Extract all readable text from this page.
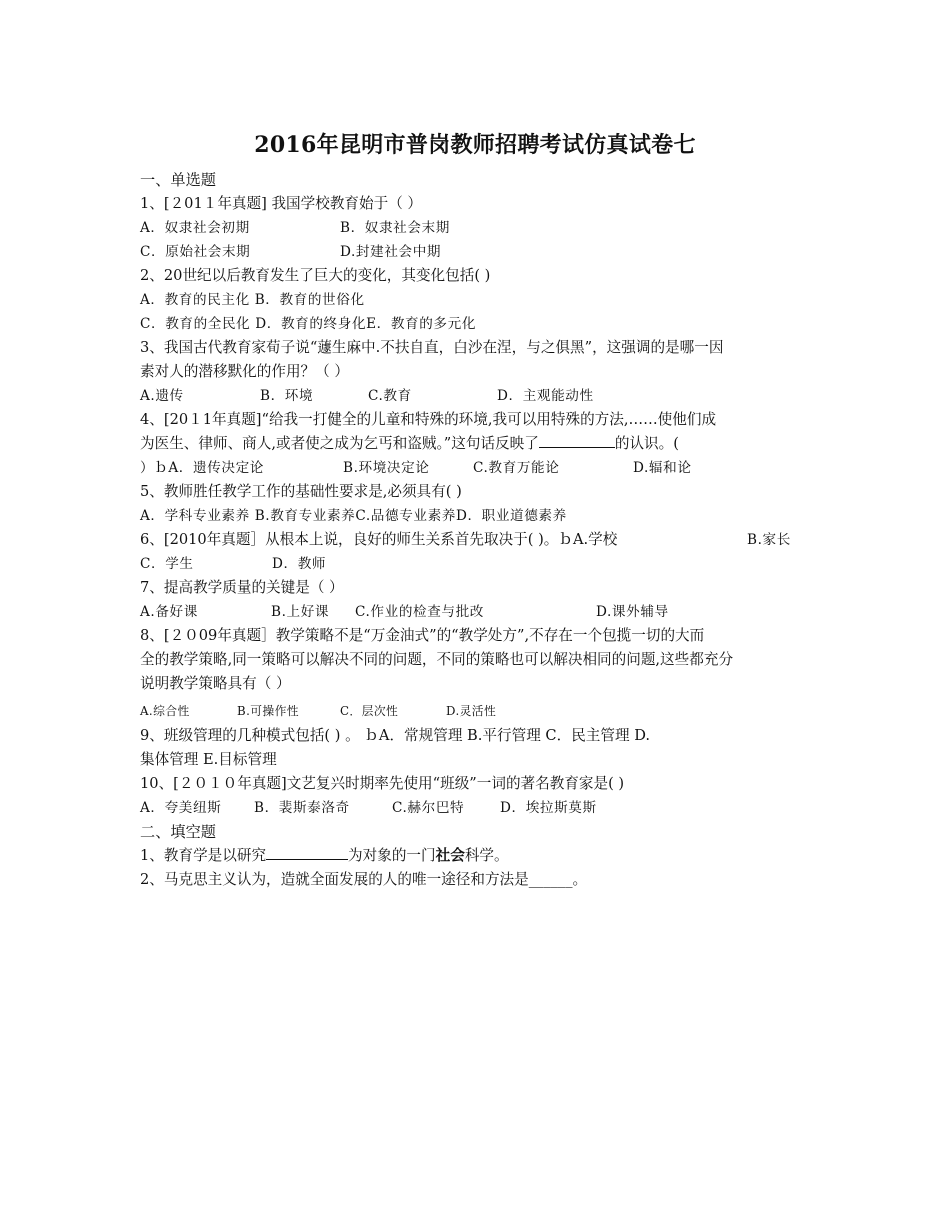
2016年昆明市普岗教师招聘考试仿真试卷七
一、单选题
1、[２01１年真题] 我国学校教育始于（ ）
A．奴隶社会初期	B．奴隶社会末期
C．原始社会末期	D.封建社会中期
2、20世纪以后教育发生了巨大的变化，其变化包括( )
A．教育的民主化 B．教育的世俗化
C．教育的全民化 D．教育的终身化E．教育的多元化
3、我国古代教育家荀子说“蘧生麻中.不扶自直，白沙在涅，与之俱黑”，这强调的是哪一因
素对人的潜移默化的作用？（ ）
A.遗传	B．环境	C.教育	D．主观能动性
4、[20１1年真题]“给我一打健全的儿童和特殊的环境,我可以用特殊的方法,……使他们成
为医生、律师、商人,或者使之成为乞丐和盗贼。”这句话反映了	的认识。(
）ｂA．遗传决定论	B.环境决定论	C.教育万能论	D.辐和论
5、教师胜任教学工作的基础性要求是,必须具有( )
A．学科专业素养 B.教育专业素养C.品德专业素养D．职业道德素养
6、[2010年真题］从根本上说，良好的师生关系首先取决于( )。ｂA.学校	B.家长
C．学生	D．教师
7、提高教学质量的关键是（ ）
A.备好课	B.上好课 C.作业的检查与批改	D.课外辅导
8、[２０09年真题］教学策略不是“万金油式”的“教学处方”,不存在一个包揽一切的大而
全的教学策略,同一策略可以解决不同的问题，不同的策略也可以解决相同的问题,这些都充分
说明教学策略具有（ ）
A.综合性	B.可操作性	C．层次性	D.灵活性
9、班级管理的几种模式包括( ) 。 ｂA．常规管理 B.平行管理 C．民主管理 D.
集体管理 E.目标管理
10、[２０１０年真题]文艺复兴时期率先使用“班级”一词的著名教育家是( )
A．夸美纽斯 B．裴斯泰洛奇	C.赫尔巴特	D．埃拉斯莫斯
二、填空题
1、教育学是以研究	为对象的一门社会科学。
2、马克思主义认为，造就全面发展的人的唯一途径和方法是______。
